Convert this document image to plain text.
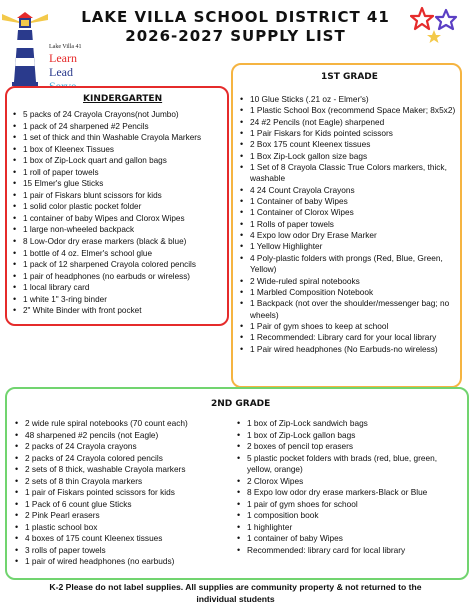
Lake Villa 41
Learn
Lead
LAKE VILLA SCHOOL DISTRICT 41
2026-2027 SUPPLY LIST
KINDERGARTEN
• 5 packs of 24 Crayola Crayons(not Jumbo)
• 1 pack of 24 sharpened #2 Pencils
• 1 set of thick and thin Washable Crayola Markers
• 1 box of Kleenex Tissues
• 1 box of Zip-Lock quart and gallon bags
• 1 roll of paper towels
• 15 Elmer's glue Sticks
• 1 pair of Fiskars blunt scissors for kids
• 1 solid color plastic pocket folder
• 1 container of baby Wipes and Clorox Wipes
• 1 large non-wheeled backpack
• 8 Low-Odor dry erase markers (black & blue)
• 1 bottle of 4 oz. Elmer's school glue
• 1 pack of 12 sharpened Crayola colored pencils
• 1 pair of headphones (no earbuds or wireless)
• 1 local library card
• 1 white 1" 3-ring binder
• 2" White Binder with front pocket
1ST GRADE
• 10 Glue Sticks (.21 oz - Elmer's)
• 1 Plastic School Box (recommend Space Maker; 8x5x2)
• 24 #2 Pencils (not Eagle) sharpened
• 1 Pair Fiskars for Kids pointed scissors
• 2 Box 175 count Kleenex tissues
• 1 Box Zip-Lock gallon size bags
• 1 Set of 8 Crayola Classic True Colors markers, thick, washable
• 4 24 Count Crayola Crayons
• 1 Container of baby Wipes
• 1 Container of Clorox Wipes
• 1 Rolls of paper towels
• 4 Expo low odor Dry Erase Marker
• 1 Yellow Highlighter
• 4 Poly-plastic folders with prongs (Red, Blue, Green, Yellow)
• 2 Wide-ruled spiral notebooks
• 1 Marbled Composition Notebook
• 1 Backpack (not over the shoulder/messenger bag; no wheels)
• 1 Pair of gym shoes to keep at school
• 1 Recommended: Library card for your local library
• 1 Pair wired headphones (No Earbuds-no wireless)
2ND GRADE
• 2 wide rule spiral notebooks (70 count each)
• 48 sharpened #2 pencils (not Eagle)
• 2 packs of 24 Crayola crayons
• 2 packs of 24 Crayola colored pencils
• 2 sets of 8 thick, washable Crayola markers
• 2 sets of 8 thin Crayola markers
• 1 pair of Fiskars pointed scissors for kids
• 1 Pack of 6 count glue Sticks
• 2 Pink Pearl erasers
• 1 plastic school box
• 4 boxes of 175 count Kleenex tissues
• 3 rolls of paper towels
• 1 pair of wired headphones (no earbuds)
• 1 box of Zip-Lock sandwich bags
• 1 box of Zip-Lock gallon bags
• 2 boxes of pencil top erasers
• 5 plastic pocket folders with brads (red, blue, green, yellow, orange)
• 2 Clorox Wipes
• 8 Expo low odor dry erase markers-Black or Blue
• 1 pair of gym shoes for school
• 1 composition book
• 1 highlighter
• 1 container of baby Wipes
• Recommended: library card for local library
K-2 Please do not label supplies. All supplies are community property & not returned to the
individual students
